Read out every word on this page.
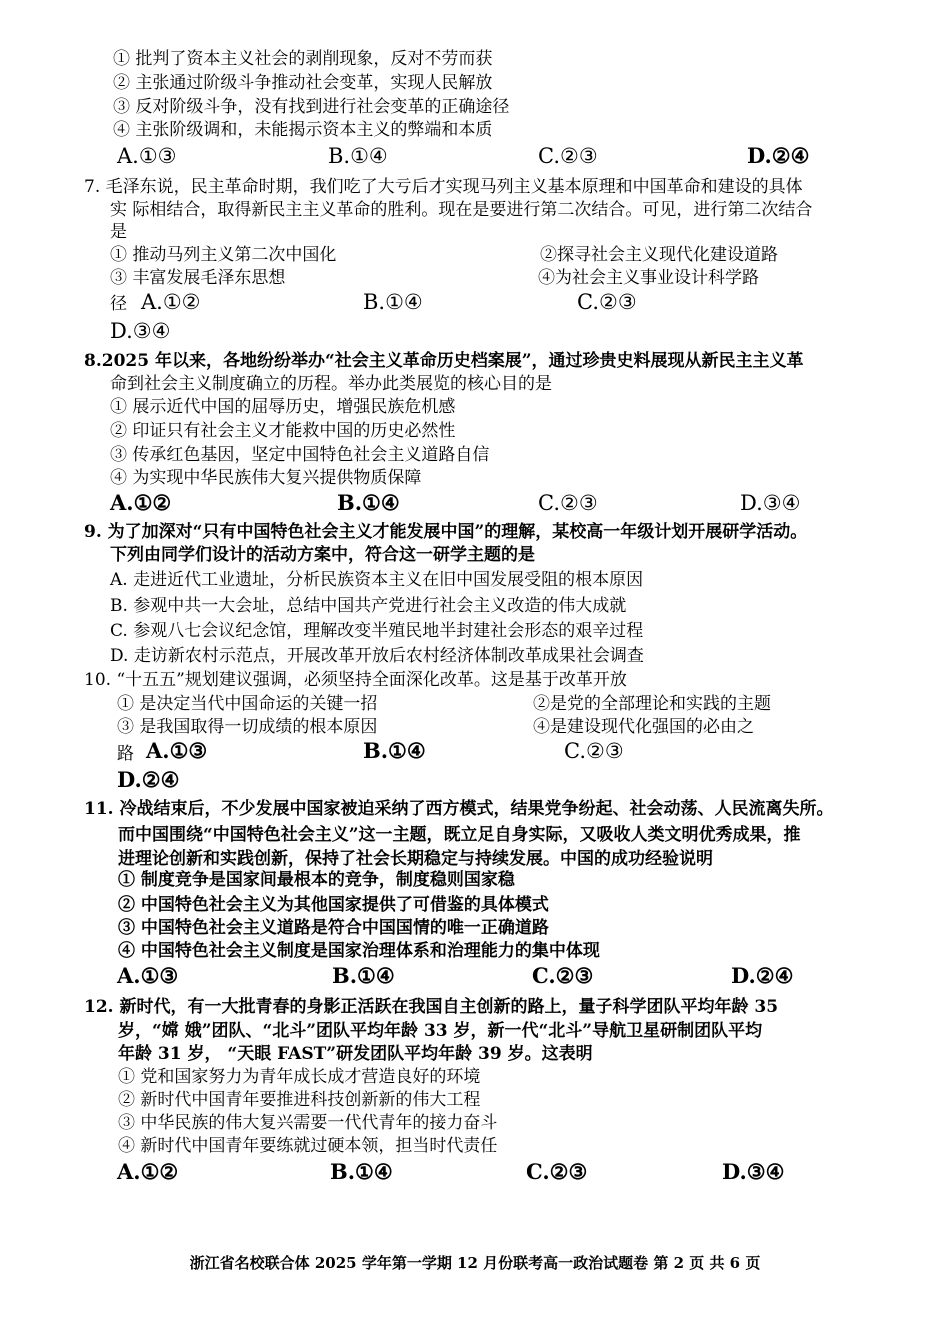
① 批判了资本主义社会的剥削现象，反对不劳而获
② 主张通过阶级斗争推动社会变革，实现人民解放
③ 反对阶级斗争，没有找到进行社会变革的正确途径
④ 主张阶级调和，未能揭示资本主义的弊端和本质
A.①③	B.①④	C.②③	D.②④
7. 毛泽东说，民主革命时期，我们吃了大亏后才实现马列主义基本原理和中国革命和建设的具体
实 际相结合，取得新民主主义革命的胜利。现在是要进行第二次结合。可见，进行第二次结合
是
① 推动马列主义第二次中国化	②探寻社会主义现代化建设道路
③ 丰富发展毛泽东思想	④为社会主义事业设计科学路
径 A.①②	B.①④	C.②③
D.③④
8.2025 年以来，各地纷纷举办“社会主义革命历史档案展”，通过珍贵史料展现从新民主主义革
命到社会主义制度确立的历程。举办此类展览的核心目的是
① 展示近代中国的屈辱历史，增强民族危机感
② 印证只有社会主义才能救中国的历史必然性
③ 传承红色基因，坚定中国特色社会主义道路自信
④ 为实现中华民族伟大复兴提供物质保障
A.①②	B.①④	C.②③	D.③④
9. 为了加深对“只有中国特色社会主义才能发展中国”的理解，某校高一年级计划开展研学活动。
下列由同学们设计的活动方案中，符合这一研学主题的是
A. 走进近代工业遗址，分析民族资本主义在旧中国发展受阻的根本原因
B. 参观中共一大会址，总结中国共产党进行社会主义改造的伟大成就
C. 参观八七会议纪念馆，理解改变半殖民地半封建社会形态的艰辛过程
D. 走访新农村示范点，开展改革开放后农村经济体制改革成果社会调查
10. “十五五”规划建议强调，必须坚持全面深化改革。这是基于改革开放
① 是决定当代中国命运的关键一招	②是党的全部理论和实践的主题
③ 是我国取得一切成绩的根本原因	④是建设现代化强国的必由之
路 A.①③	B.①④	C.②③
D.②④
11. 冷战结束后，不少发展中国家被迫采纳了西方模式，结果党争纷起、社会动荡、人民流离失所。
而中国围绕“中国特色社会主义”这一主题，既立足自身实际，又吸收人类文明优秀成果，推
进理论创新和实践创新，保持了社会长期稳定与持续发展。中国的成功经验说明
① 制度竞争是国家间最根本的竞争，制度稳则国家稳
② 中国特色社会主义为其他国家提供了可借鉴的具体模式
③ 中国特色社会主义道路是符合中国国情的唯一正确道路
④ 中国特色社会主义制度是国家治理体系和治理能力的集中体现
A.①③	B.①④	C.②③	D.②④
12. 新时代，有一大批青春的身影正活跃在我国自主创新的路上，量子科学团队平均年龄 35
岁，“嫦 娥”团队、“北斗”团队平均年龄 33 岁，新一代“北斗”导航卫星研制团队平均
年龄 31 岁， “天眼 FAST”研发团队平均年龄 39 岁。这表明
① 党和国家努力为青年成长成才营造良好的环境
② 新时代中国青年要推进科技创新新的伟大工程
③ 中华民族的伟大复兴需要一代代青年的接力奋斗
④ 新时代中国青年要练就过硬本领，担当时代责任
A.①②	B.①④	C.②③	D.③④
浙江省名校联合体 2025 学年第一学期 12 月份联考高一政治试题卷 第 2 页 共 6 页
